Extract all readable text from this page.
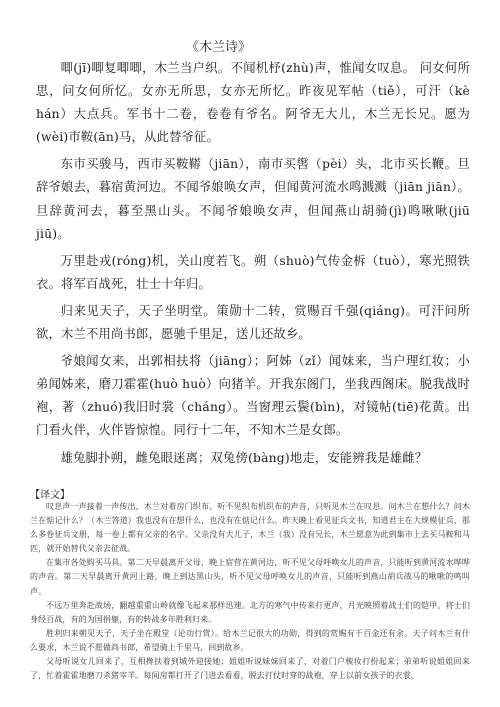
《木兰诗》

唧(jī)唧复唧唧，木兰当户织。不闻机杼(zhù)声，惟闻女叹息。 问女何所思，问女何所忆。女亦无所思，女亦无所忆。昨夜见军帖（tiě），可汗（kè hán）大点兵。军书十二卷，卷卷有爷名。阿爷无大儿，木兰无长兄。愿为(wèi)市鞍(ān)马，从此替爷征。

东市买骏马，西市买鞍鞯（jiān），南市买辔（pèi）头，北市买长鞭。旦辞爷娘去，暮宿黄河边。不闻爷娘唤女声，但闻黄河流水鸣溅溅（jiān jiān）。旦辞黄河去，暮至黑山头。不闻爷娘唤女声，但闻燕山胡骑(jì)鸣啾啾(jiū jiū)。

万里赴戎(róng)机，关山度若飞。朔（shuò)气传金柝（tuò），寒光照铁衣。将军百战死，壮士十年归。

归来见天子，天子坐明堂。策勋十二转，赏赐百千强(qiáng)。可汗问所欲，木兰不用尚书郎，愿驰千里足，送儿还故乡。

爷娘闻女来，出郭相扶将（jiāng）；阿姊（zǐ）闻妹来，当户理红妆；小弟闻姊来，磨刀霍霍(huò huò）向猪羊。开我东阁门，坐我西阁床。脱我战时袍，著（zhuó)我旧时裳（cháng）。当窗理云鬓(bìn)，对镜帖(tiē)花黄。出门看火伴，火伴皆惊惶。同行十二年，不知木兰是女郎。

雄兔脚扑朔，雌兔眼迷离；双兔傍(bàng)地走，安能辨我是雄雌？

【译文】

叹息声一声接着一声传出，木兰对着房门织布。听不见织布机织布的声音，只听见木兰在叹息。问木兰在想什么？问木兰在惦记什么？（木兰答道）我也没有在想什么，也没有在惦记什么。昨天晚上看见征兵文书，知道君主在大规模征兵，那么多卷征兵文册，每一卷上都有父亲的名字。父亲没有大儿子，木兰（我）没有兄长，木兰愿意为此到集市上去买马鞍和马匹，就开始替代父亲去征战。

在集市各处购买马具。第二天早晨离开父母，晚上宿营在黄河边，听不见父母呼唤女儿的声音，只能听到黄河流水哗哗的声音。第二天早晨离开黄河上路，晚上到达黑山头，听不见父母呼唤女儿的声音，只能听到燕山胡兵战马的啾啾的鸣叫声。

不远万里奔赴战场，翻越重重山岭就像飞起来那样迅速。北方的寒气中传来打更声，月光映照着战士们的铠甲。将士们身经百战，有的为国捐躯，有的转战多年胜利归来。

胜利归来朝见天子，天子坐在殿堂（论功行赏）。给木兰记很大的功勋，得到的赏赐有千百金还有余。天子问木兰有什么要求，木兰说不愿做尚书郎，希望骑上千里马，回到故乡。

父母听说女儿回来了，互相搀扶着到城外迎接她；姐姐听说妹妹回来了，对着门户梳妆打扮起来；弟弟听说姐姐回来了，忙着霍霍地磨刀杀猪宰羊。每间房都打开了门进去看看，脱去打仗时穿的战袍，穿上以前女孩子的衣裳，
